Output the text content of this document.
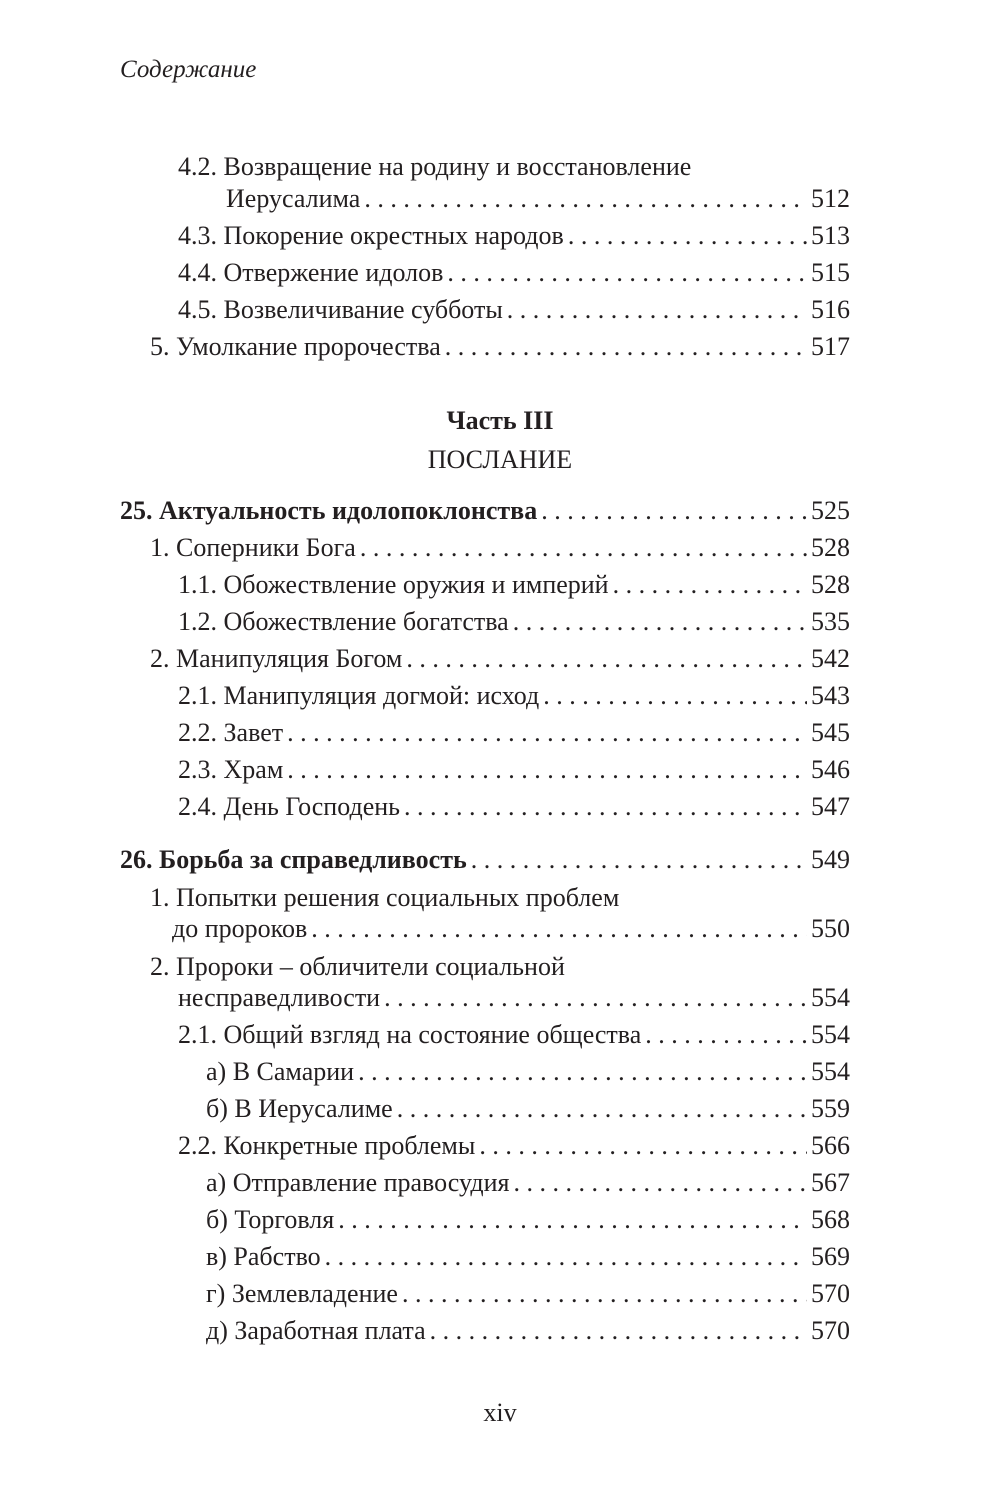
Содержание
4.2. Возвращение на родину и восстановление
Иерусалима . . .	512
4.3. Покорение окрестных народов . . .	513
4.4. Отвержение идолов . . .	515
4.5. Возвеличивание субботы . . .	516
5. Умолкание пророчества . . .	517
Часть III
ПОСЛАНИЕ
25. Актуальность идолопоклонства . . .	525
1. Соперники Бога . . .	528
1.1. Обожествление оружия и империй . . .	528
1.2. Обожествление богатства . . .	535
2. Манипуляция Богом . . .	542
2.1. Манипуляция догмой: исход . . .	543
2.2. Завет . . .	545
2.3. Храм . . .	546
2.4. День Господень . . .	547
26. Борьба за справедливость . . .	549
1. Попытки решения социальных проблем
до пророков . . .	550
2. Пророки – обличители социальной
несправедливости . . .	554
2.1. Общий взгляд на состояние общества . . .	554
а) В Самарии . . .	554
б) В Иерусалиме . . .	559
2.2. Конкретные проблемы . . .	566
а) Отправление правосудия . . .	567
б) Торговля . . .	568
в) Рабство . . .	569
г) Землевладение . . .	570
д) Заработная плата . . .	570
xiv
